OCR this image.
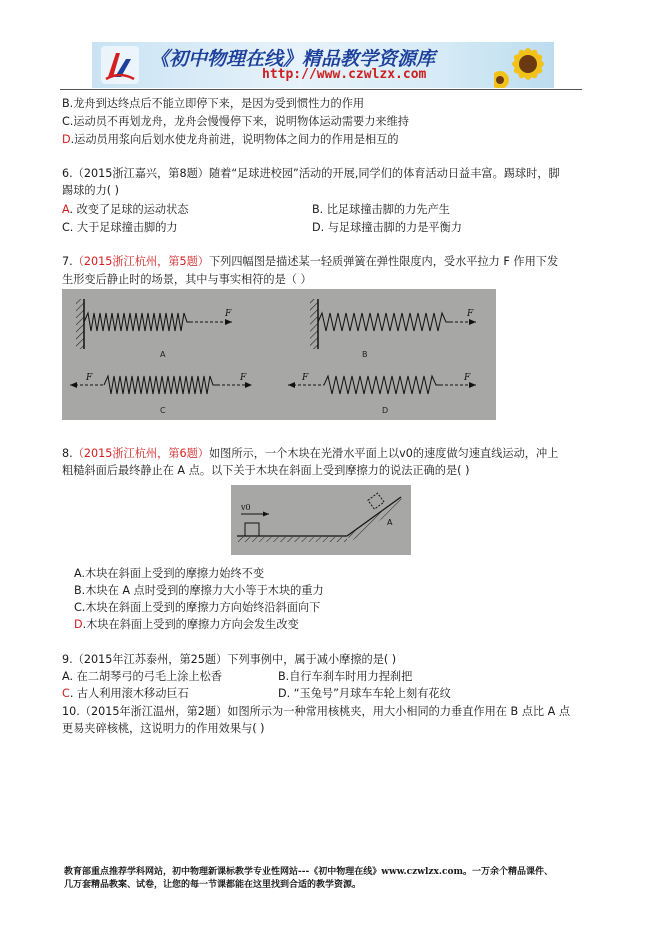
《初中物理在线》精品教学资源库
http://www.czwlzx.com
B.龙舟到达终点后不能立即停下来，是因为受到惯性力的作用
C.运动员不再划龙舟，龙舟会慢慢停下来，说明物体运动需要力来维持
D.运动员用浆向后划水使龙舟前进，说明物体之间力的作用是相互的
6.（2015浙江嘉兴，第8题）随着“足球进校园”活动的开展,同学们的体育活动日益丰富。踢球时，脚
踢球的力( )
A. 改变了足球的运动状态	B. 比足球撞击脚的力先产生
C. 大于足球撞击脚的力	D. 与足球撞击脚的力是平衡力
7.（2015浙江杭州，第5题）下列四幅图是描述某一轻质弹簧在弹性限度内，受水平拉力 F 作用下发
生形变后静止时的场景，其中与事实相符的是（ ）
F
A
F
B
F	F
C
F	F
D
8.（2015浙江杭州，第6题）如图所示，一个木块在光滑水平面上以v0的速度做匀速直线运动，冲上
粗糙斜面后最终静止在 A 点。以下关于木块在斜面上受到摩擦力的说法正确的是( )
v0
A
A.木块在斜面上受到的摩擦力始终不变
B.木块在 A 点时受到的摩擦力大小等于木块的重力
C.木块在斜面上受到的摩擦力方向始终沿斜面向下
D.木块在斜面上受到的摩擦力方向会发生改变
9.（2015年江苏泰州，第25题）下列事例中，属于减小摩擦的是( )
A. 在二胡琴弓的弓毛上涂上松香	B.自行车刹车时用力捏刹把
C. 古人利用滚木移动巨石	D. “玉兔号”月球车车轮上刻有花纹
10.（2015年浙江温州，第2题）如图所示为一种常用核桃夹，用大小相同的力垂直作用在 B 点比 A 点
更易夹碎核桃，这说明力的作用效果与( )
教育部重点推荐学科网站，初中物理新课标教学专业性网站---《初中物理在线》www.czwlzx.com。一万余个精品课件、
几万套精品教案、试卷，让您的每一节课都能在这里找到合适的教学资源。
